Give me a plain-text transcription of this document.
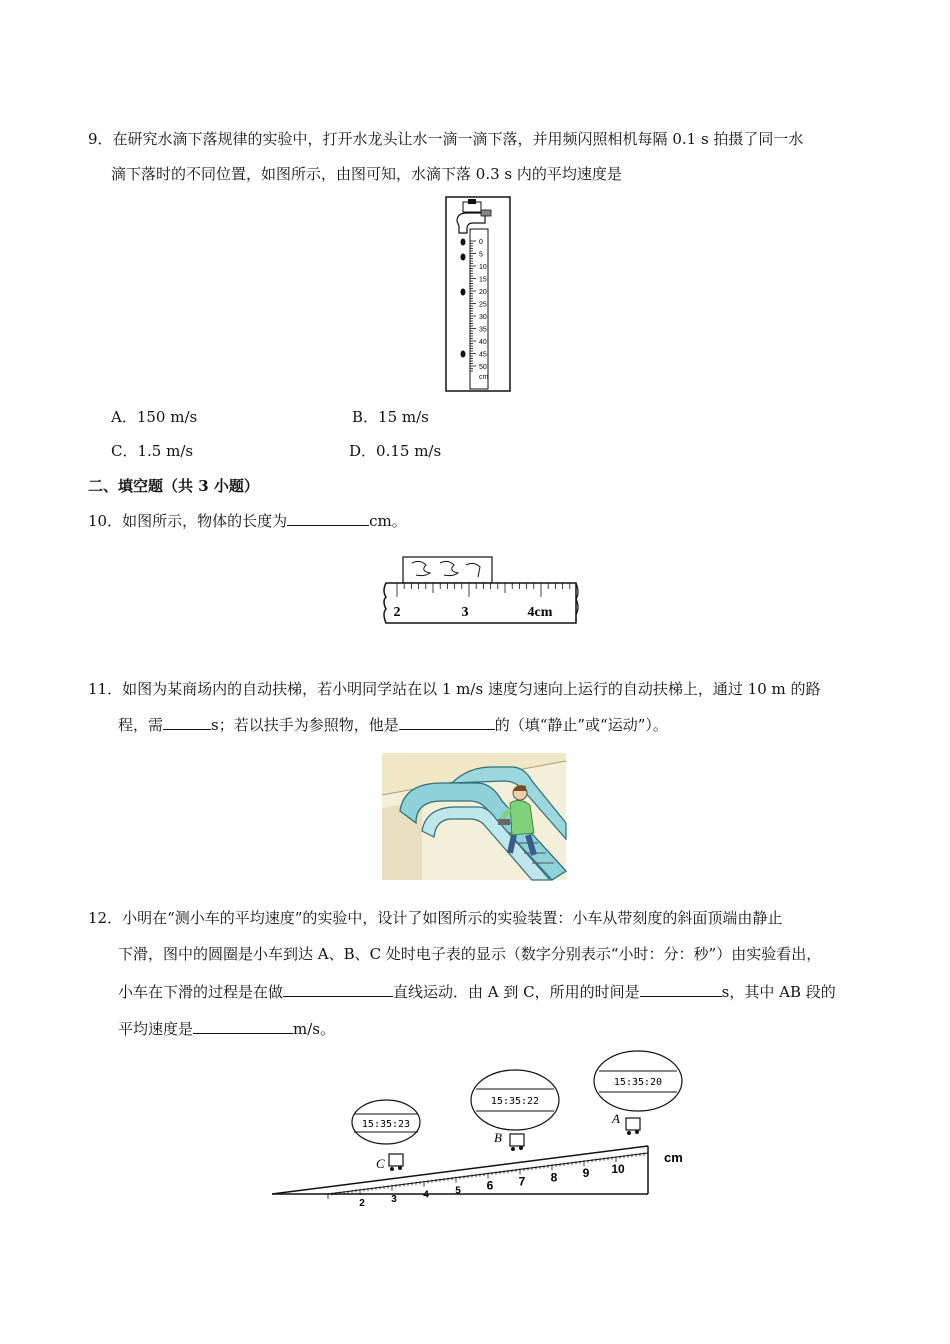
9．在研究水滴下落规律的实验中，打开水龙头让水一滴一滴下落，并用频闪照相机每隔 0.1 s 拍摄了同一水
滴下落时的不同位置，如图所示，由图可知，水滴下落 0.3 s 内的平均速度是
0
5
10
15
20
25
30
35
40
45
50
cm
A．150 m/s	B．15 m/s
C．1.5 m/s	D．0.15 m/s
二、填空题（共 3 小题）
10．如图所示，物体的长度为	cm。
2	3	4cm
11．如图为某商场内的自动扶梯，若小明同学站在以 1 m/s 速度匀速向上运行的自动扶梯上，通过 10 m 的路
程，需	s；若以扶手为参照物，他是	的（填“静止”或“运动”）。
12．小明在“测小车的平均速度”的实验中，设计了如图所示的实验装置：小车从带刻度的斜面顶端由静止
下滑，图中的圆圈是小车到达 A、B、C 处时电子表的显示（数字分别表示“小时：分：秒”）由实验看出，
小车在下滑的过程是在做	直线运动．由 A 到 C，所用的时间是	s，其中 AB 段的
平均速度是	m/s。
2	3	4	5 6 7 8 9 10
cm
15:35:23
15:35:22
15:35:20
C
B
A
